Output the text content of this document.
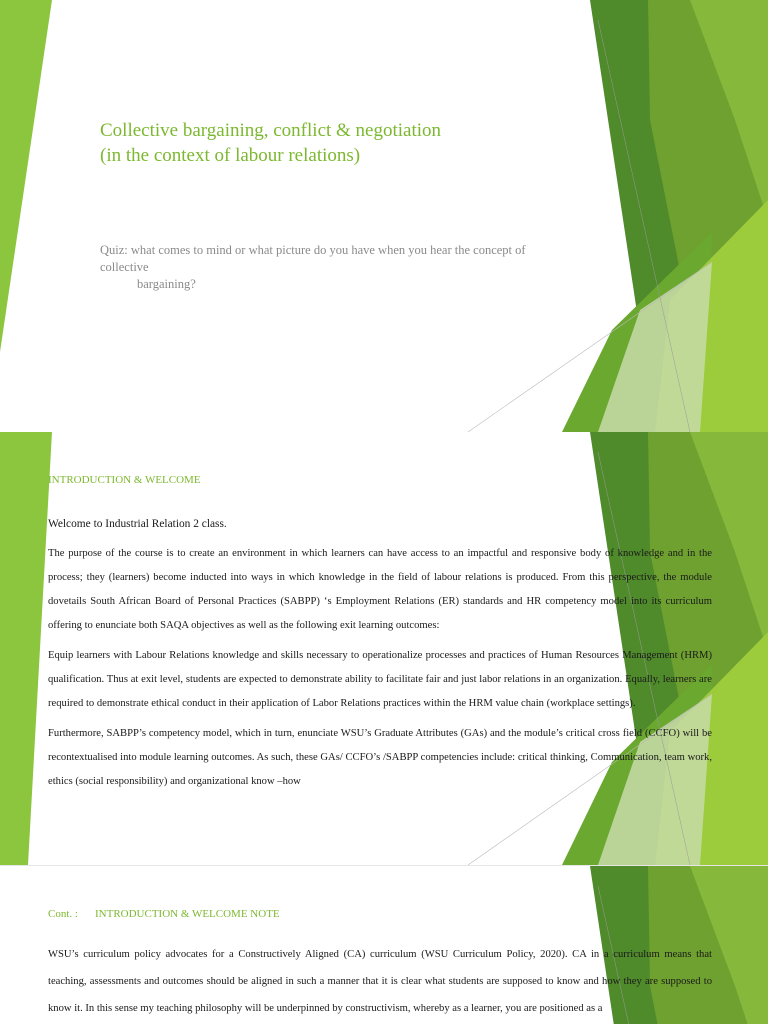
Collective bargaining, conflict & negotiation
(in the context of labour relations)

Quiz: what comes to mind or what picture do you have when you hear the concept of collective
bargaining?

INTRODUCTION & WELCOME

Welcome to Industrial Relation 2 class.

The purpose of the course is to create an environment in which learners can have access to an impactful and responsive body of knowledge and in the process; they (learners) become inducted into ways in which knowledge in the field of labour relations is produced. From this perspective, the module dovetails South African Board of Personal Practices (SABPP) ‘s Employment Relations (ER) standards and HR competency model into its curriculum offering to enunciate both SAQA objectives as well as the following exit learning outcomes:

Equip learners with Labour Relations knowledge and skills necessary to operationalize processes and practices of Human Resources Management (HRM) qualification. Thus at exit level, students are expected to demonstrate ability to facilitate fair and just labor relations in an organization. Equally, learners are required to demonstrate ethical conduct in their application of Labor Relations practices within the HRM value chain (workplace settings).

Furthermore, SABPP’s competency model, which in turn, enunciate WSU’s Graduate Attributes (GAs) and the module’s critical cross field (CCFO) will be recontextualised into module learning outcomes. As such, these GAs/ CCFO’s /SABPP competencies include: critical thinking, Communication, team work, ethics (social responsibility) and organizational know –how

Cont. : INTRODUCTION & WELCOME NOTE

WSU’s curriculum policy advocates for a Constructively Aligned (CA) curriculum (WSU Curriculum Policy, 2020). CA in a curriculum means that teaching, assessments and outcomes should be aligned in such a manner that it is clear what students are supposed to know and how they are supposed to know it. In this sense my teaching philosophy will be underpinned by constructivism, whereby as a learner, you are positioned as a
